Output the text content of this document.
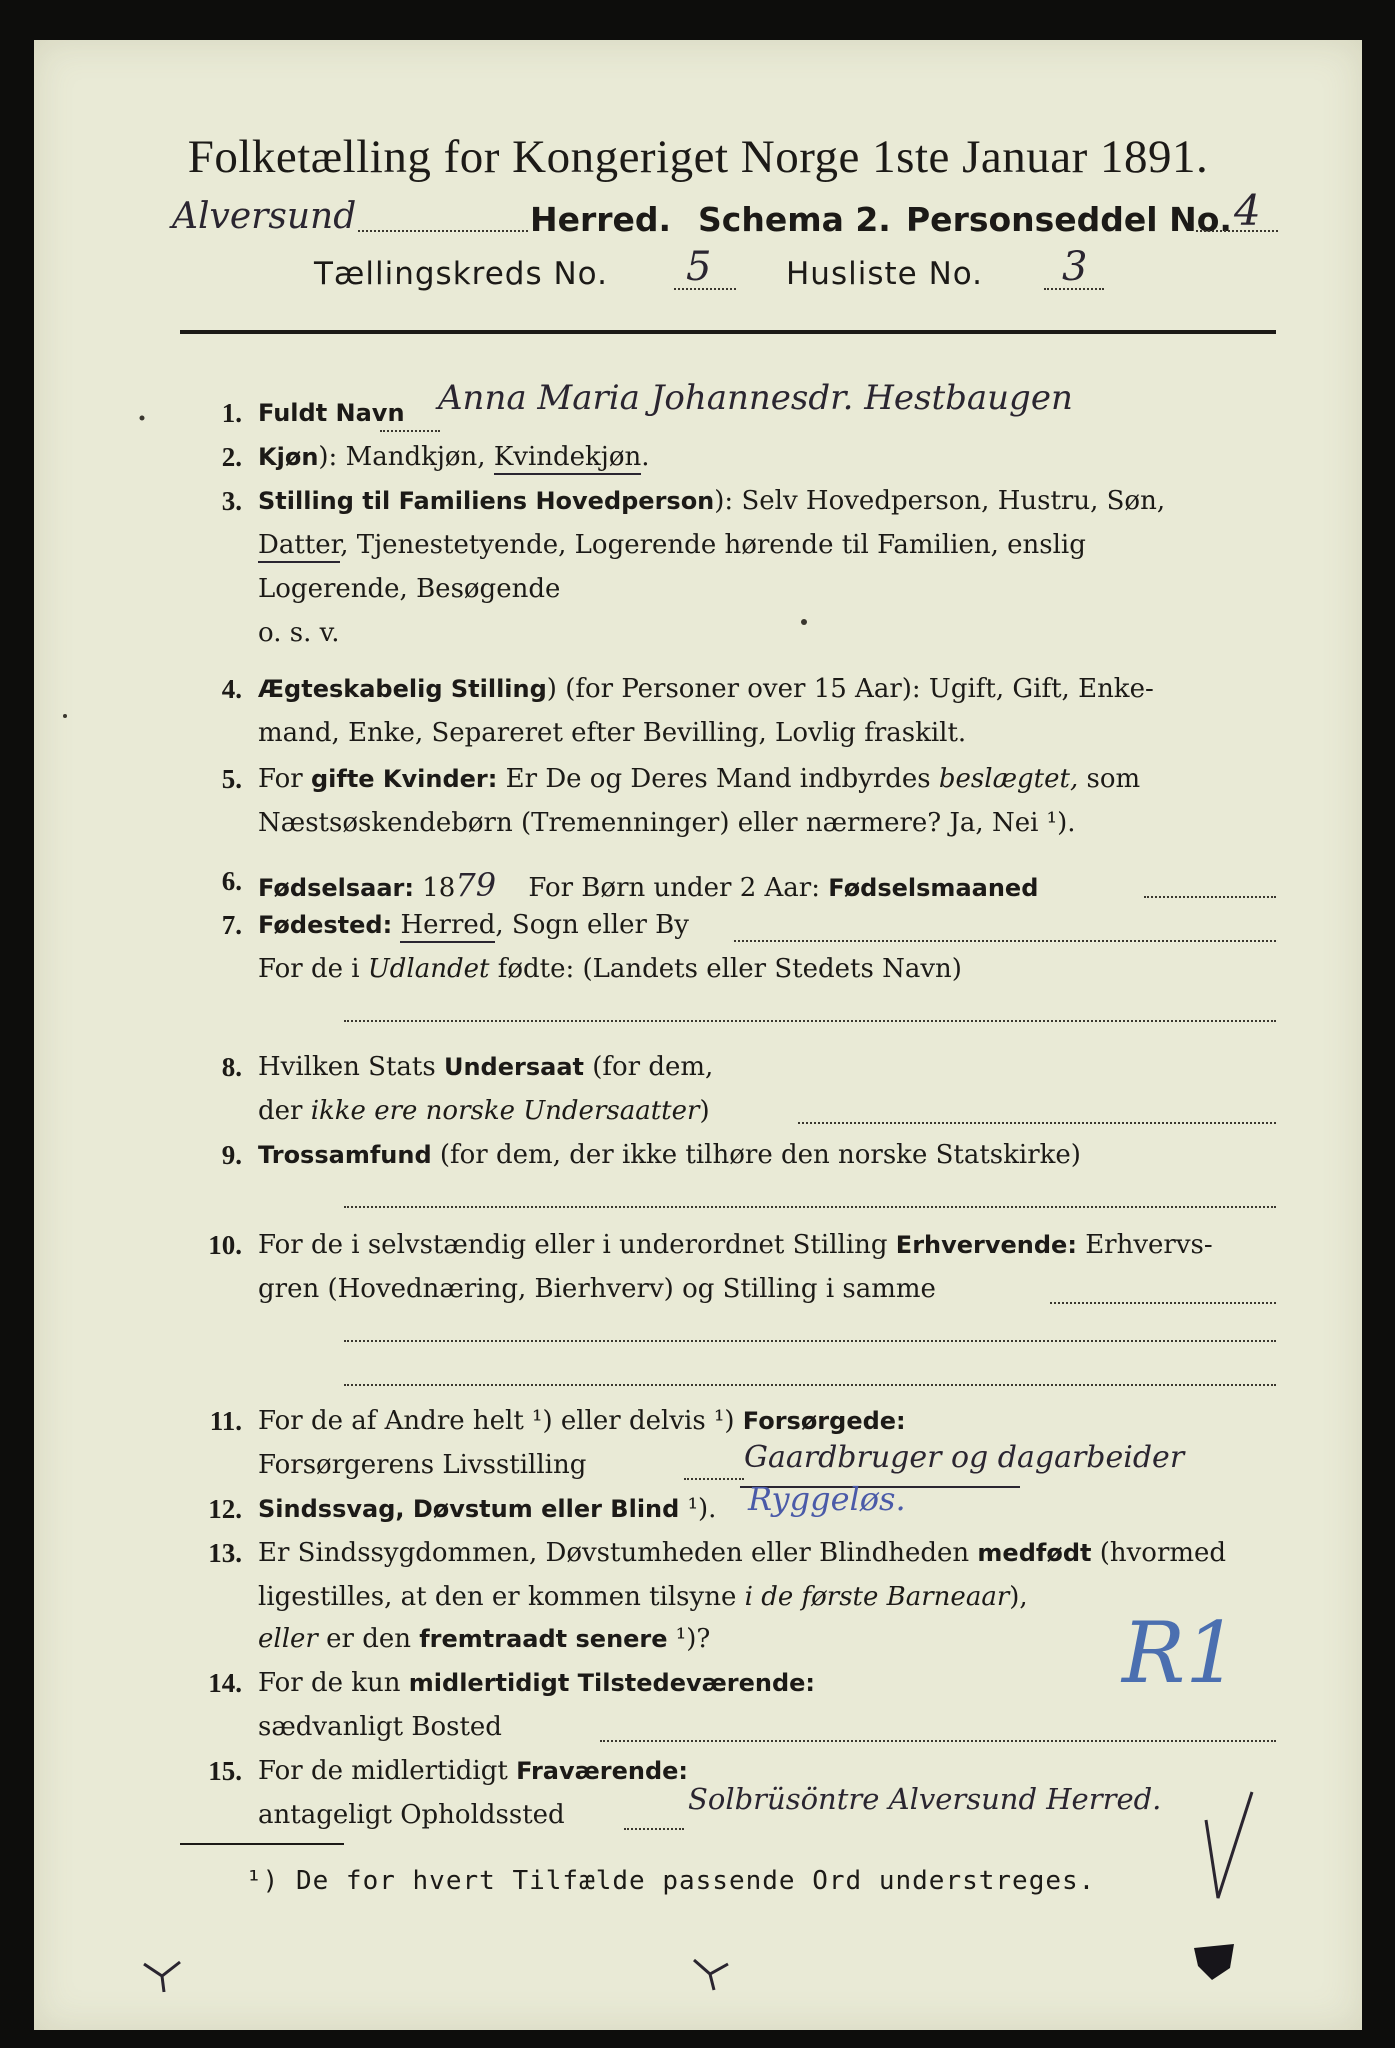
Folketælling for Kongeriget Norge 1ste Januar 1891.
Alversund	Herred. Schema 2. Personseddel No. 4
Tællingskreds No. 5 Husliste No. 3
1. Fuldt Navn Anna Maria Johannesdr. Hestbaugen
2. Kjøn): Mandkjøn, Kvindekjøn.
3. Stilling til Familiens Hovedperson): Selv Hovedperson, Hustru, Søn,
Datter, Tjenestetyende, Logerende hørende til Familien, enslig
Logerende, Besøgende
o. s. v.
4. Ægteskabelig Stilling) (for Personer over 15 Aar): Ugift, Gift, Enke-
mand, Enke, Separeret efter Bevilling, Lovlig fraskilt.
5. For gifte Kvinder: Er De og Deres Mand indbyrdes beslægtet, som
Næstsøskendebørn (Tremenninger) eller nærmere? Ja, Nei ¹).
6. Fødselsaar: 1879 For Børn under 2 Aar: Fødselsmaaned
7. Fødested: Herred, Sogn eller By
For de i Udlandet fødte: (Landets eller Stedets Navn)
8. Hvilken Stats Undersaat (for dem,
der ikke ere norske Undersaatter)
9. Trossamfund (for dem, der ikke tilhøre den norske Statskirke)
10. For de i selvstændig eller i underordnet Stilling Erhvervende: Erhvervs-
gren (Hovednæring, Bierhverv) og Stilling i samme
11. For de af Andre helt ¹) eller delvis ¹) Forsørgede:
Forsørgerens Livsstilling	Gaardbruger og dagarbeider
12. Sindssvag, Døvstum eller Blind ¹). Ryggeløs.
13. Er Sindssygdommen, Døvstumheden eller Blindheden medfødt (hvormed
ligestilles, at den er kommen tilsyne i de første Barneaar),
eller er den fremtraadt senere ¹)?
14. For de kun midlertidigt Tilstedeværende:
sædvanligt Bosted
15. For de midlertidigt Fraværende:
antageligt Opholdssted	Solbrüsöntre Alversund Herred.
R1
¹) De for hvert Tilfælde passende Ord understreges.
